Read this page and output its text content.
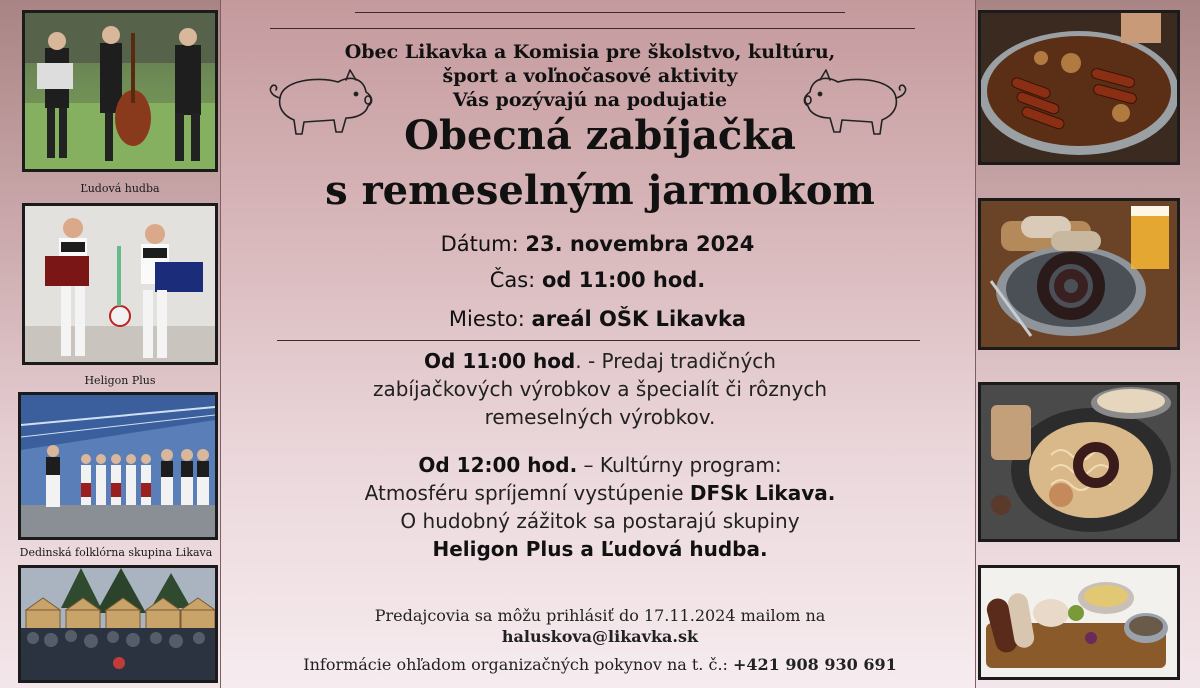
Ľudová hudba
Heligon Plus
Dedinská folklórna skupina Likava
Obec Likavka a Komisia pre školstvo, kultúru,
šport a voľnočasové aktivity
Vás pozývajú na podujatie
Obecná zabíjačka
s remeselným jarmokom
Dátum: 23. novembra 2024
Čas: od 11:00 hod.
Miesto: areál OŠK Likavka
Od 11:00 hod. - Predaj tradičných
zabíjačkových výrobkov a špecialít či rôznych
remeselných výrobkov.
Od 12:00 hod. – Kultúrny program:
Atmosféru spríjemní vystúpenie DFSk Likava.
O hudobný zážitok sa postarajú skupiny
Heligon Plus a Ľudová hudba.
Predajcovia sa môžu prihlásiť do 17.11.2024 mailom na
haluskova@likavka.sk
Informácie ohľadom organizačných pokynov na t. č.: +421 908 930 691
